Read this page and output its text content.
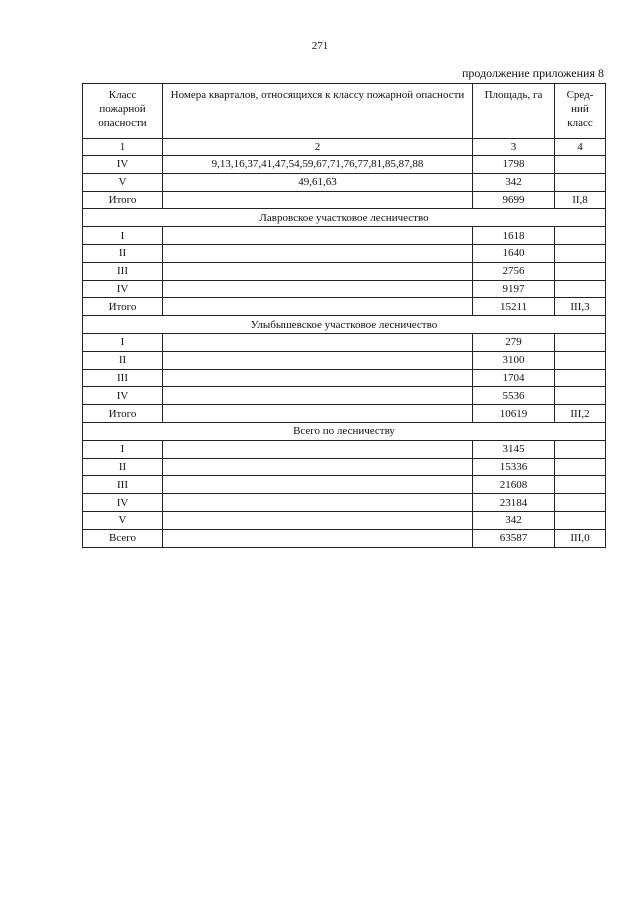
271
продолжение приложения 8
Класс пожарной опасности	Номера кварталов, относящихся к классу пожарной опасности	Площадь, га	Сред-ний класс
1	2	3	4
IV	9,13,16,37,41,47,54,59,67,71,76,77,81,85,87,88	1798	
V	49,61,63	342	
Итого		9699	II,8
Лавровское участковое лесничество			
I		1618	
II		1640	
III		2756	
IV		9197	
Итого		15211	III,3
Улыбышевское участковое лесничество			
I		279	
II		3100	
III		1704	
IV		5536	
Итого		10619	III,2
Всего по лесничеству			
I		3145	
II		15336	
III		21608	
IV		23184	
V		342	
Всего		63587	III,0
